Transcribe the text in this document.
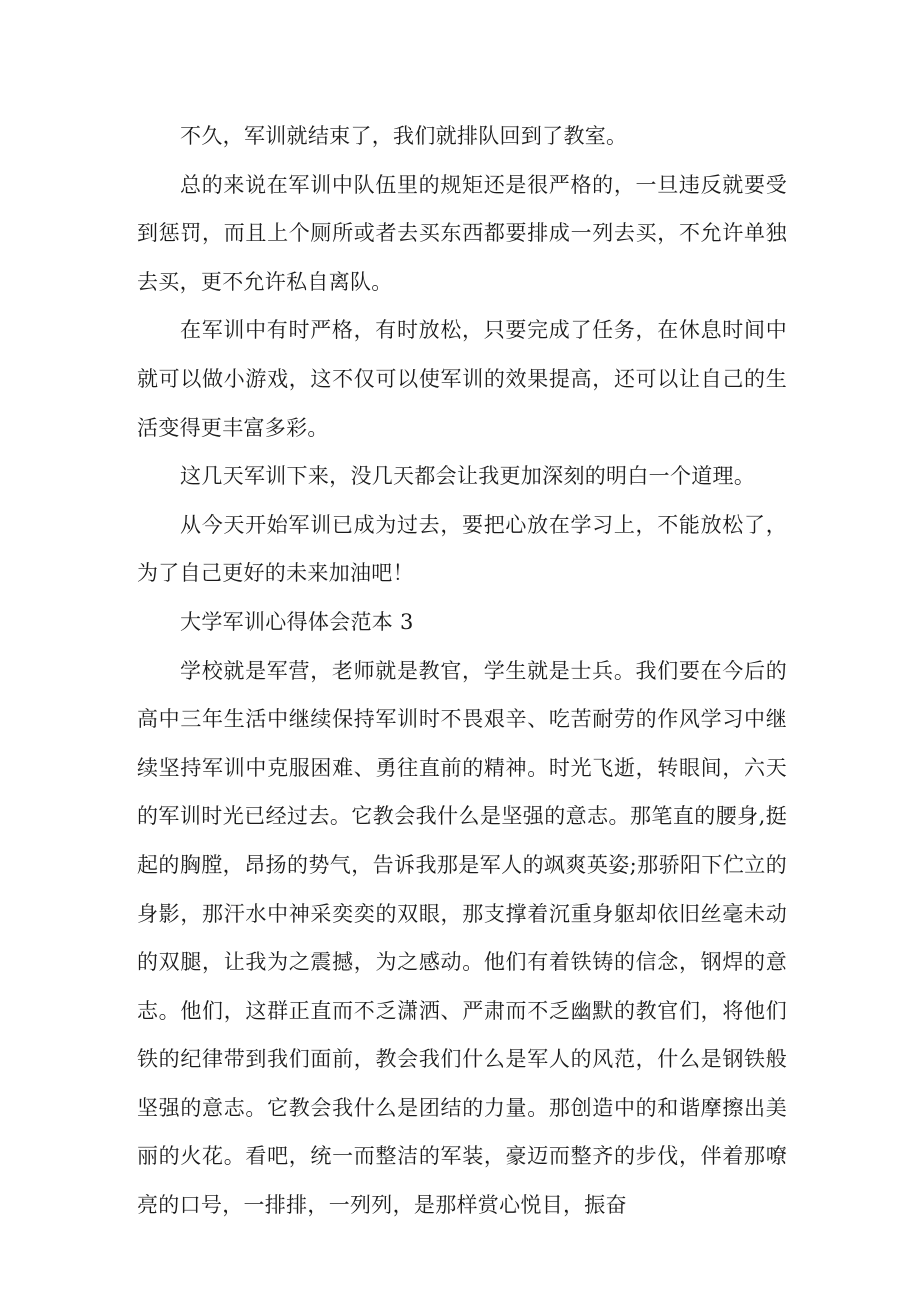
不久，军训就结束了，我们就排队回到了教室。

总的来说在军训中队伍里的规矩还是很严格的，一旦违反就要受到惩罚，而且上个厕所或者去买东西都要排成一列去买，不允许单独去买，更不允许私自离队。

在军训中有时严格，有时放松，只要完成了任务，在休息时间中就可以做小游戏，这不仅可以使军训的效果提高，还可以让自己的生活变得更丰富多彩。

这几天军训下来，没几天都会让我更加深刻的明白一个道理。

从今天开始军训已成为过去，要把心放在学习上，不能放松了，为了自己更好的未来加油吧！

大学军训心得体会范本 3

学校就是军营，老师就是教官，学生就是士兵。我们要在今后的高中三年生活中继续保持军训时不畏艰辛、吃苦耐劳的作风学习中继续坚持军训中克服困难、勇往直前的精神。时光飞逝，转眼间，六天的军训时光已经过去。它教会我什么是坚强的意志。那笔直的腰身,挺起的胸膛，昂扬的势气，告诉我那是军人的飒爽英姿;那骄阳下伫立的身影，那汗水中神采奕奕的双眼，那支撑着沉重身躯却依旧丝毫未动的双腿，让我为之震撼，为之感动。他们有着铁铸的信念，钢焊的意志。他们，这群正直而不乏潇洒、严肃而不乏幽默的教官们，将他们铁的纪律带到我们面前，教会我们什么是军人的风范，什么是钢铁般坚强的意志。它教会我什么是团结的力量。那创造中的和谐摩擦出美丽的火花。看吧，统一而整洁的军装，豪迈而整齐的步伐，伴着那嘹亮的口号，一排排，一列列，是那样赏心悦目，振奋
